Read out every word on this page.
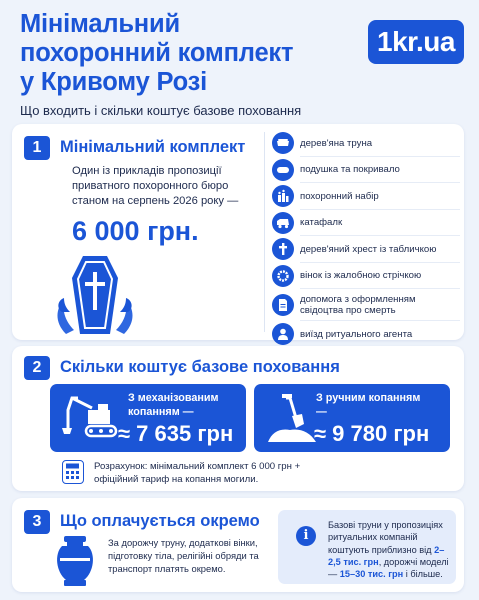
Мінімальний
похоронний комплект
у Кривому Розі
1kr.ua
Що входить і скільки коштує базове поховання
1	Мінімальний комплект
Один із прикладів пропозиції приватного похоронного бюро станом на серпень 2026 року —
6 000 грн.
дерев'яна труна
подушка та покривало
похоронний набір
катафалк
дерев'яний хрест із табличкою
вінок із жалобною стрічкою
допомога з оформленням свідоцтва про смерть
виїзд ритуального агента
2	Скільки коштує базове поховання
З механізованим копанням —
≈ 7 635 грн
З ручним копанням —
≈ 9 780 грн
Розрахунок: мінімальний комплект 6 000 грн + офіційний тариф на копання могили.
3	Що оплачується окремо
За дорожчу труну, додаткові вінки, підготовку тіла, релігійні обряди та транспорт платять окремо.
i
Базові труни у пропозиціях ритуальних компаній коштують приблизно від 2–2,5 тис. грн, дорожчі моделі — 15–30 тис. грн і більше.
